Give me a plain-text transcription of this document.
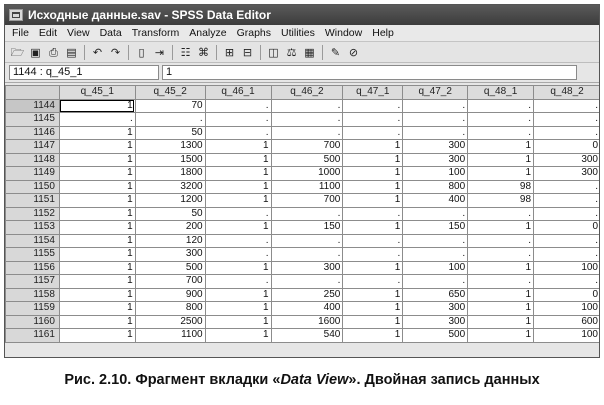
Исходные данные.sav - SPSS Data Editor
File Edit View Data Transform Analyze Graphs Utilities Window Help
🗁 ▣ ⎙ ▤	↶ ↷	▯ ⇥	☷ ⌘	⊞ ⊟	◫ ⚖ ▦	✎ ⊘
1144 : q_45_1	1
	q_45_1	q_45_2	q_46_1	q_46_2	q_47_1	q_47_2	q_48_1	q_48_2
1144	1	70	.	.	.	.	.	.
1145	.	.	.	.	.	.	.	.
1146	1	50	.	.	.	.	.	.
1147	1	1300	1	700	1	300	1	0
1148	1	1500	1	500	1	300	1	300
1149	1	1800	1	1000	1	100	1	300
1150	1	3200	1	1100	1	800	98	.
1151	1	1200	1	700	1	400	98	.
1152	1	50	.	.	.	.	.	.
1153	1	200	1	150	1	150	1	0
1154	1	120	.	.	.	.	.	.
1155	1	300	.	.	.	.	.	.
1156	1	500	1	300	1	100	1	100
1157	1	700	.	.	.	.	.	.
1158	1	900	1	250	1	650	1	0
1159	1	800	1	400	1	300	1	100
1160	1	2500	1	1600	1	300	1	600
1161	1	1100	1	540	1	500	1	100
Рис. 2.10. Фрагмент вкладки «Data View». Двойная запись данных
